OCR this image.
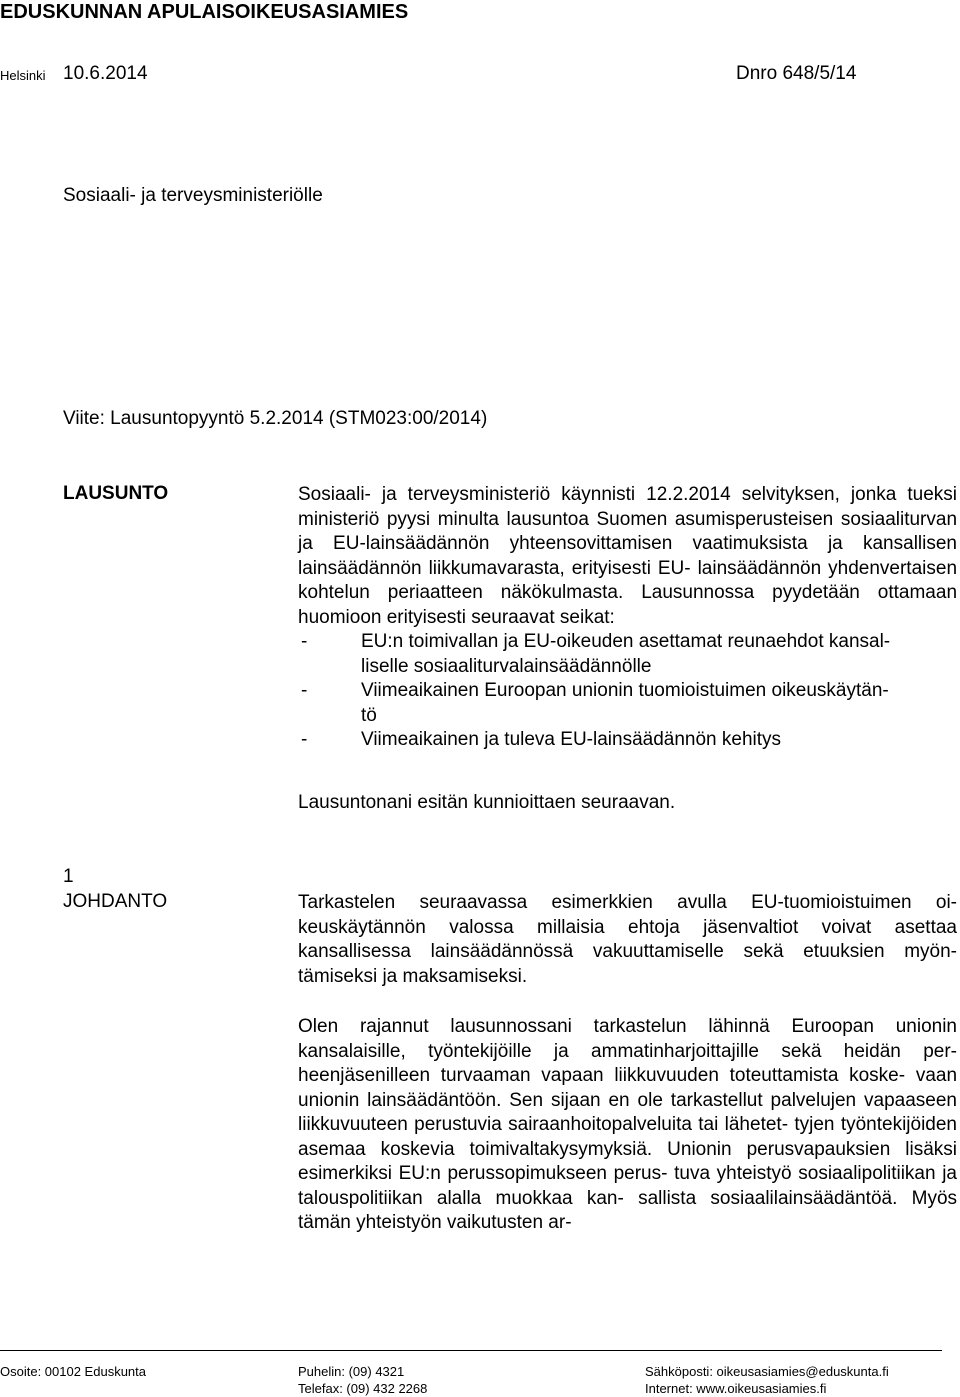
EDUSKUNNAN APULAISOIKEUSASIAMIES
Helsinki 10.6.2014	Dnro 648/5/14
Sosiaali- ja terveysministeriölle
Viite: Lausuntopyyntö 5.2.2014 (STM023:00/2014)
LAUSUNTO	Sosiaali- ja terveysministeriö käynnisti 12.2.2014 selvityksen, jonka tueksi ministeriö pyysi minulta lausuntoa Suomen asumisperusteisen sosiaaliturvan ja EU-lainsäädännön yhteensovittamisen vaatimuksista ja kansallisen lainsäädännön liikkumavarasta, erityisesti EU- lainsäädännön yhdenvertaisen kohtelun periaatteen näkökulmasta. Lausunnossa pyydetään ottamaan huomioon erityisesti seuraavat seikat:

-	EU:n toimivallan ja EU-oikeuden asettamat reunaehdot kansal-
liselle sosiaaliturvalainsäädännölle
-	Viimeaikainen Euroopan unionin tuomioistuimen oikeuskäytän-
tö
-	Viimeaikainen ja tuleva EU-lainsäädännön kehitys
Lausuntonani esitän kunnioittaen seuraavan.
1
JOHDANTO	Tarkastelen seuraavassa esimerkkien avulla EU-tuomioistuimen oi- keuskäytännön valossa millaisia ehtoja jäsenvaltiot voivat asettaa kansallisessa lainsäädännössä vakuuttamiselle sekä etuuksien myön- tämiseksi ja maksamiseksi.

Olen rajannut lausunnossani tarkastelun lähinnä Euroopan unionin kansalaisille, työntekijöille ja ammatinharjoittajille sekä heidän per- heenjäsenilleen turvaaman vapaan liikkuvuuden toteuttamista koske- vaan unionin lainsäädäntöön. Sen sijaan en ole tarkastellut palvelujen vapaaseen liikkuvuuteen perustuvia sairaanhoitopalveluita tai lähetet- tyjen työntekijöiden asemaa koskevia toimivaltakysymyksiä. Unionin perusvapauksien lisäksi esimerkiksi EU:n perussopimukseen perus- tuva yhteistyö sosiaalipolitiikan ja talouspolitiikan alalla muokkaa kan- sallista sosiaalilainsäädäntöä. Myös tämän yhteistyön vaikutusten ar-

Osoite: 00102 Eduskunta	Puhelin: (09) 4321
Telefax: (09) 432 2268
Sähköposti: oikeusasiamies@eduskunta.fi
Internet: www.oikeusasiamies.fi
